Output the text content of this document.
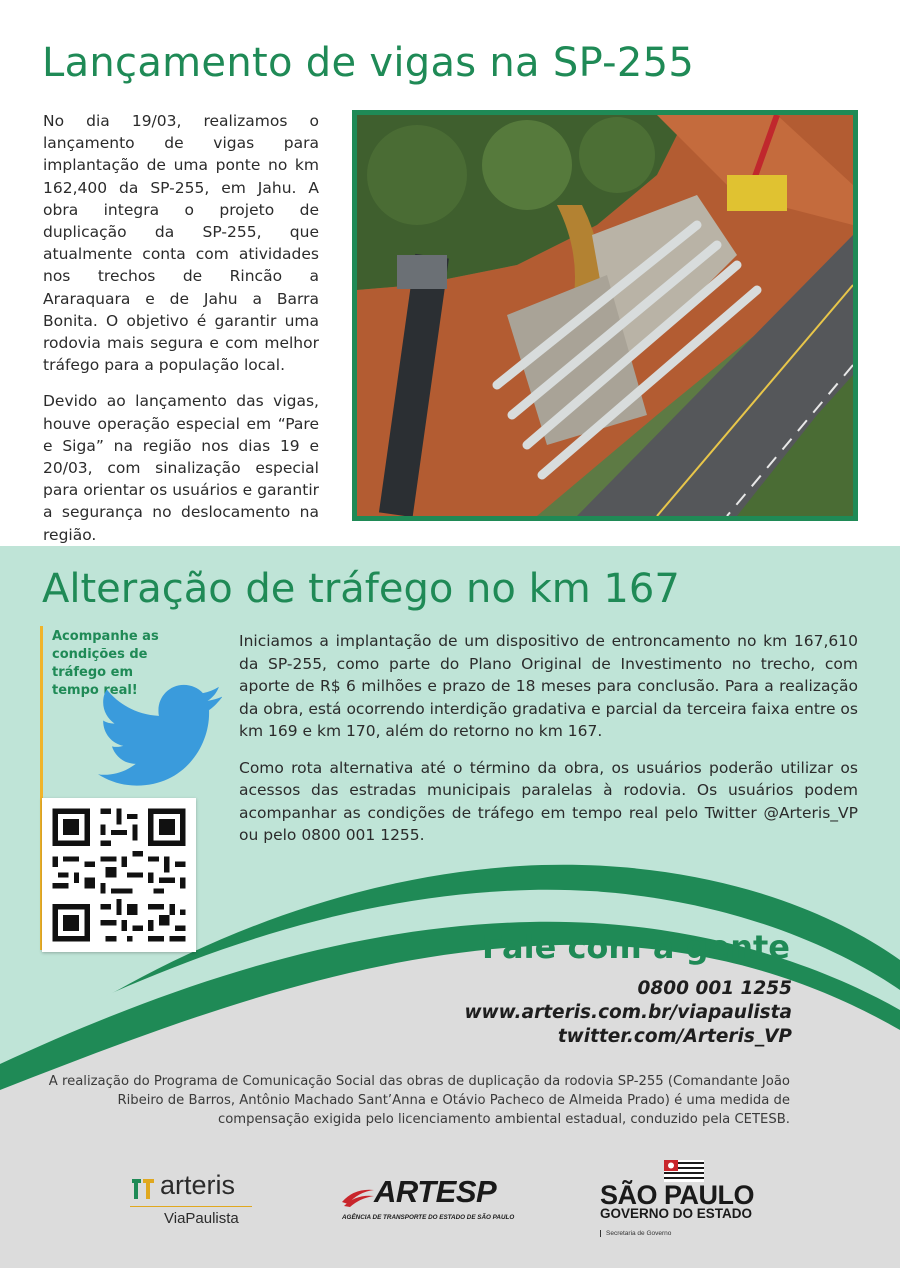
Lançamento de vigas na SP-255

No dia 19/03, realizamos o lançamento de vigas para implantação de uma ponte no km 162,400 da SP-255, em Jahu. A obra integra o projeto de duplicação da SP-255, que atualmente conta com atividades nos trechos de Rincão a Araraquara e de Jahu a Barra Bonita. O objetivo é garantir uma rodovia mais segura e com melhor tráfego para a população local.

Devido ao lançamento das vigas, houve operação especial em “Pare e Siga” na região nos dias 19 e 20/03, com sinalização especial para orientar os usuários e garantir a segurança no deslocamento na região.

Alteração de tráfego no km 167

Acompanhe as condições de tráfego em tempo real!

Iniciamos a implantação de um dispositivo de entroncamento no km 167,610 da SP-255, como parte do Plano Original de Investimento no trecho, com aporte de R$ 6 milhões e prazo de 18 meses para conclusão. Para a realização da obra, está ocorrendo interdição gradativa e parcial da terceira faixa entre os km 169 e km 170, além do retorno no km 167.

Como rota alternativa até o término da obra, os usuários poderão utilizar os acessos das estradas municipais paralelas à rodovia. Os usuários podem acompanhar as condições de tráfego em tempo real pelo Twitter @Arteris_VP ou pelo 0800 001 1255.

Fale com a gente

0800 001 1255

www.arteris.com.br/viapaulista

twitter.com/Arteris_VP

A realização do Programa de Comunicação Social das obras de duplicação da rodovia SP-255 (Comandante João Ribeiro de Barros, Antônio Machado Sant’Anna e Otávio Pacheco de Almeida Prado) é uma medida de compensação exigida pelo licenciamento ambiental estadual, conduzido pela CETESB.

arteris
ViaPaulista
ARTESP
AGÊNCIA DE TRANSPORTE DO ESTADO DE SÃO PAULO
SÃO PAULO
GOVERNO DO ESTADO
Secretaria de Governo
